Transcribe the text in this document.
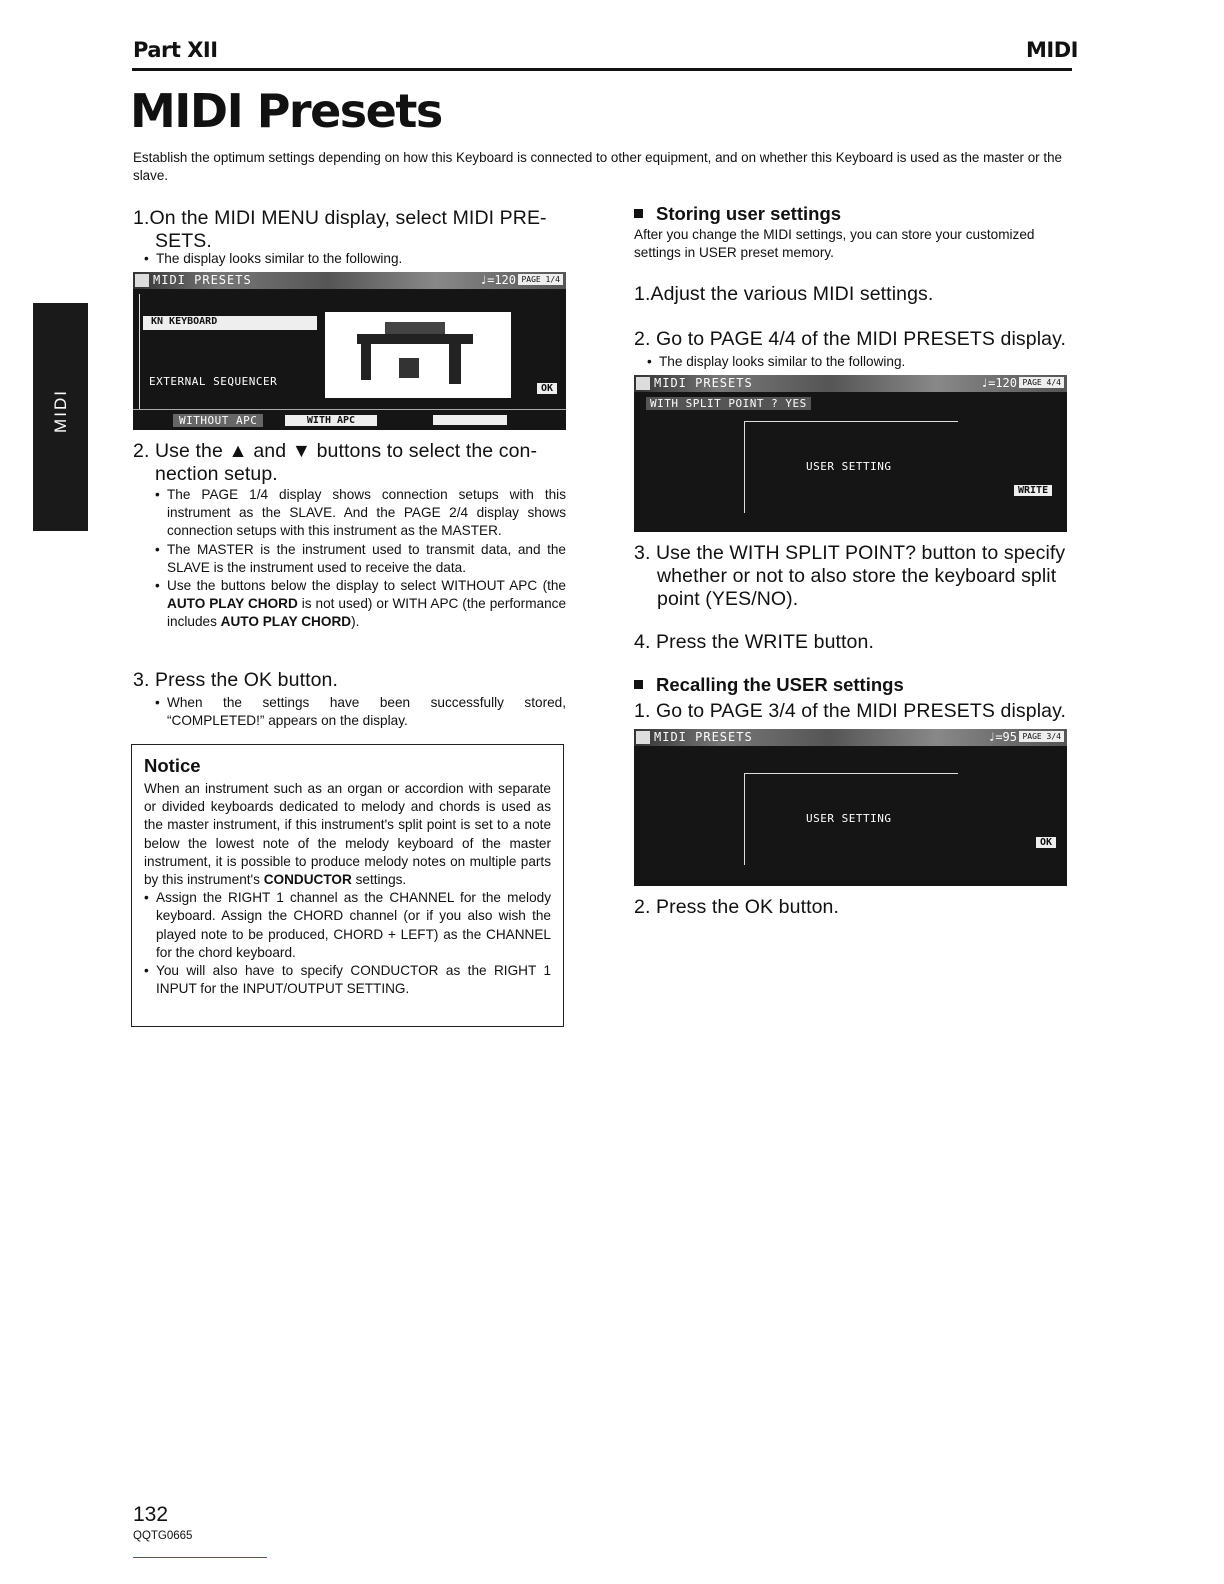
Part XII	MIDI
MIDI Presets
Establish the optimum settings depending on how this Keyboard is connected to other equipment, and on whether this Keyboard is used as the master or the slave.
MIDI
1.On the MIDI MENU display, select MIDI PRE-
SETS.
• The display looks similar to the following.
MIDI PRESETS	♩=120 PAGE 1/4
KN KEYBOARD
EXTERNAL SEQUENCER
OK
WITHOUT APC	WITH APC
2. Use the ▲ and ▼ buttons to select the con-
nection setup.
• The PAGE 1/4 display shows connection setups with this instrument as the SLAVE. And the PAGE 2/4 display shows connection setups with this instrument as the MASTER.
• The MASTER is the instrument used to transmit data, and the SLAVE is the instrument used to receive the data.
• Use the buttons below the display to select WITHOUT APC (the AUTO PLAY CHORD is not used) or WITH APC (the performance includes AUTO PLAY CHORD).
3. Press the OK button.
• When the settings have been successfully stored, “COMPLETED!” appears on the display.
Notice
When an instrument such as an organ or accordion with separate or divided keyboards dedicated to melody and chords is used as the master instrument, if this instrument's split point is set to a note below the lowest note of the melody keyboard of the master instrument, it is possible to produce melody notes on multiple parts by this instrument's CONDUCTOR settings.
• Assign the RIGHT 1 channel as the CHANNEL for the melody keyboard. Assign the CHORD channel (or if you also wish the played note to be produced, CHORD + LEFT) as the CHANNEL for the chord keyboard.
• You will also have to specify CONDUCTOR as the RIGHT 1 INPUT for the INPUT/OUTPUT SETTING.
Storing user settings
After you change the MIDI settings, you can store your customized settings in USER preset memory.
1.Adjust the various MIDI settings.
2. Go to PAGE 4/4 of the MIDI PRESETS display.
• The display looks similar to the following.
MIDI PRESETS	♩=120 PAGE 4/4
WITH SPLIT POINT ? YES
USER SETTING
WRITE
3. Use the WITH SPLIT POINT? button to specify
whether or not to also store the keyboard split
point (YES/NO).
4. Press the WRITE button.
Recalling the USER settings
1. Go to PAGE 3/4 of the MIDI PRESETS display.
MIDI PRESETS	♩=95 PAGE 3/4
USER SETTING
OK
2. Press the OK button.
132
QQTG0665
